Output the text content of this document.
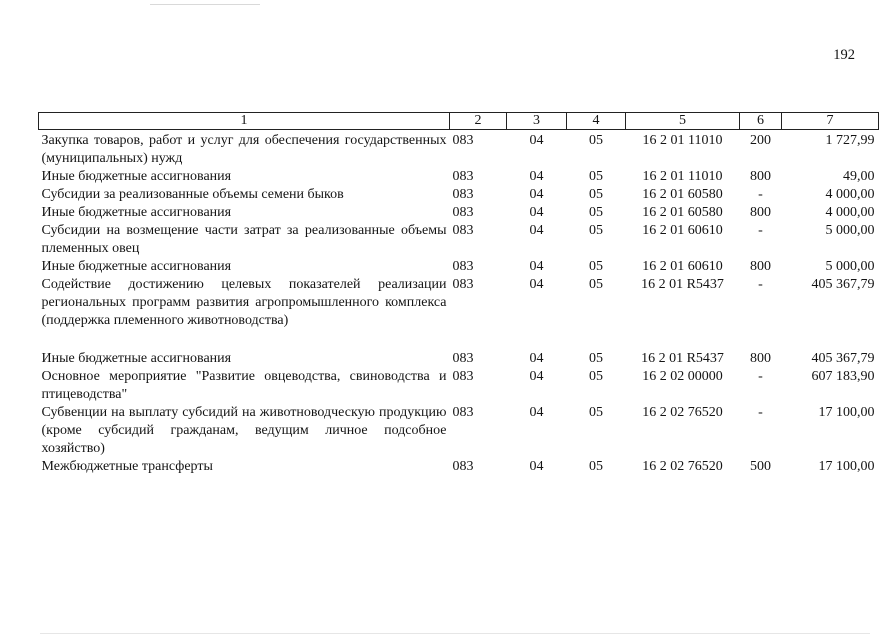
192
1	2	3	4	5	6	7
Закупка товаров, работ и услуг для обеспечения государственных (муниципальных) нужд	083	04	05	16 2 01 11010	200	1 727,99
Иные бюджетные ассигнования	083	04	05	16 2 01 11010	800	49,00
Субсидии за реализованные объемы семени быков	083	04	05	16 2 01 60580	-	4 000,00
Иные бюджетные ассигнования	083	04	05	16 2 01 60580	800	4 000,00
Субсидии на возмещение части затрат за реализованные объемы племенных овец	083	04	05	16 2 01 60610	-	5 000,00
Иные бюджетные ассигнования	083	04	05	16 2 01 60610	800	5 000,00
Содействие достижению целевых показателей реализации региональных программ развития агропромышленного комплекса (поддержка племенного животноводства)	083	04	05	16 2 01 R5437	-	405 367,79
Иные бюджетные ассигнования	083	04	05	16 2 01 R5437	800	405 367,79
Основное мероприятие "Развитие овцеводства, свиноводства и птицеводства"	083	04	05	16 2 02 00000	-	607 183,90
Субвенции на выплату субсидий на животноводческую продукцию (кроме субсидий гражданам, ведущим личное подсобное хозяйство)	083	04	05	16 2 02 76520	-	17 100,00
Межбюджетные трансферты	083	04	05	16 2 02 76520	500	17 100,00
